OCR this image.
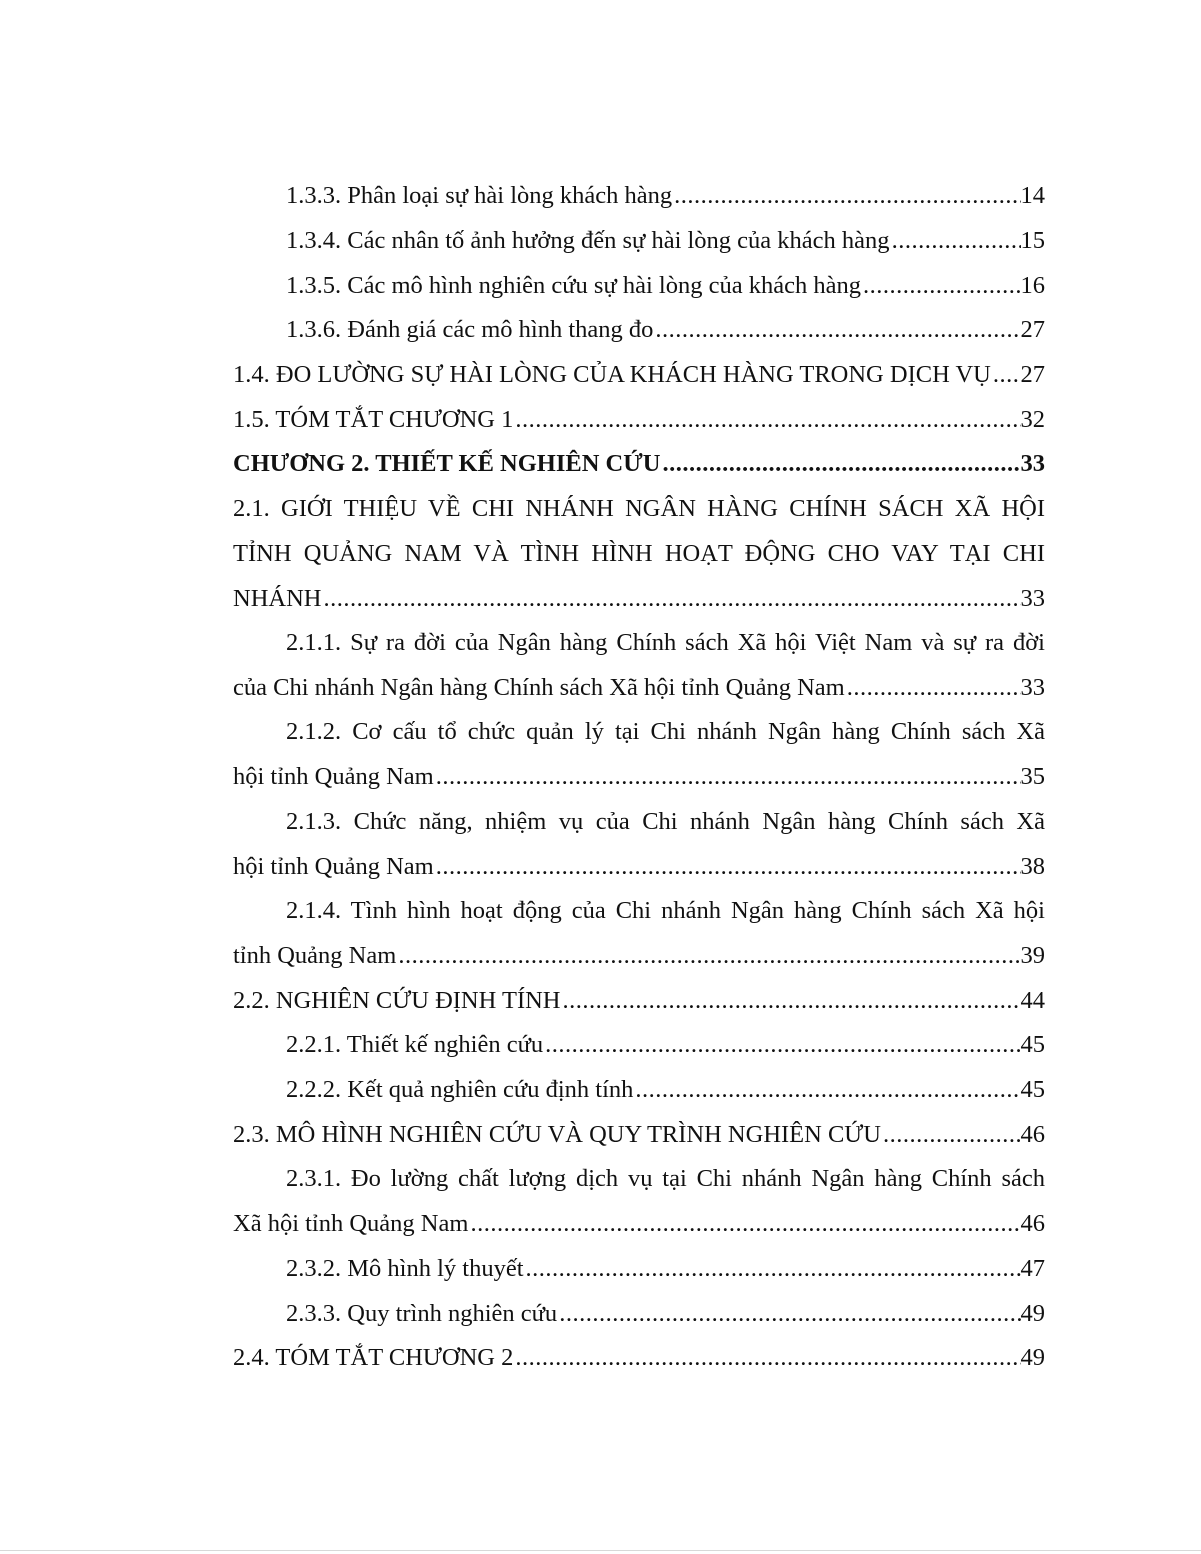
1.3.3. Phân loại sự hài lòng khách hàng .....	14
1.3.4. Các nhân tố ảnh hưởng đến sự hài lòng của khách hàng .....	15
1.3.5. Các mô hình nghiên cứu sự hài lòng của khách hàng .....	16
1.3.6. Đánh giá các mô hình thang đo .....	27
1.4. ĐO LƯỜNG SỰ HÀI LÒNG CỦA KHÁCH HÀNG TRONG DỊCH VỤ ..... 27
1.5. TÓM TẮT CHƯƠNG 1 .....	32
CHƯƠNG 2. THIẾT KẾ NGHIÊN CỨU .....	33
2.1. GIỚI THIỆU VỀ CHI NHÁNH NGÂN HÀNG CHÍNH SÁCH XÃ HỘI
TỈNH QUẢNG NAM VÀ TÌNH HÌNH HOẠT ĐỘNG CHO VAY TẠI CHI
NHÁNH .....	33
2.1.1. Sự ra đời của Ngân hàng Chính sách Xã hội Việt Nam và sự ra đời
của Chi nhánh Ngân hàng Chính sách Xã hội tỉnh Quảng Nam .....	33
2.1.2. Cơ cấu tổ chức quản lý tại Chi nhánh Ngân hàng Chính sách Xã
hội tỉnh Quảng Nam .....	35
2.1.3. Chức năng, nhiệm vụ của Chi nhánh Ngân hàng Chính sách Xã
hội tỉnh Quảng Nam .....	38
2.1.4. Tình hình hoạt động của Chi nhánh Ngân hàng Chính sách Xã hội
tỉnh Quảng Nam .....	39
2.2. NGHIÊN CỨU ĐỊNH TÍNH .....	44
2.2.1. Thiết kế nghiên cứu .....	45
2.2.2. Kết quả nghiên cứu định tính .....	45
2.3. MÔ HÌNH NGHIÊN CỨU VÀ QUY TRÌNH NGHIÊN CỨU .....	46
2.3.1. Đo lường chất lượng dịch vụ tại Chi nhánh Ngân hàng Chính sách
Xã hội tỉnh Quảng Nam .....	46
2.3.2. Mô hình lý thuyết .....	47
2.3.3. Quy trình nghiên cứu .....	49
2.4. TÓM TẮT CHƯƠNG 2 .....	49
